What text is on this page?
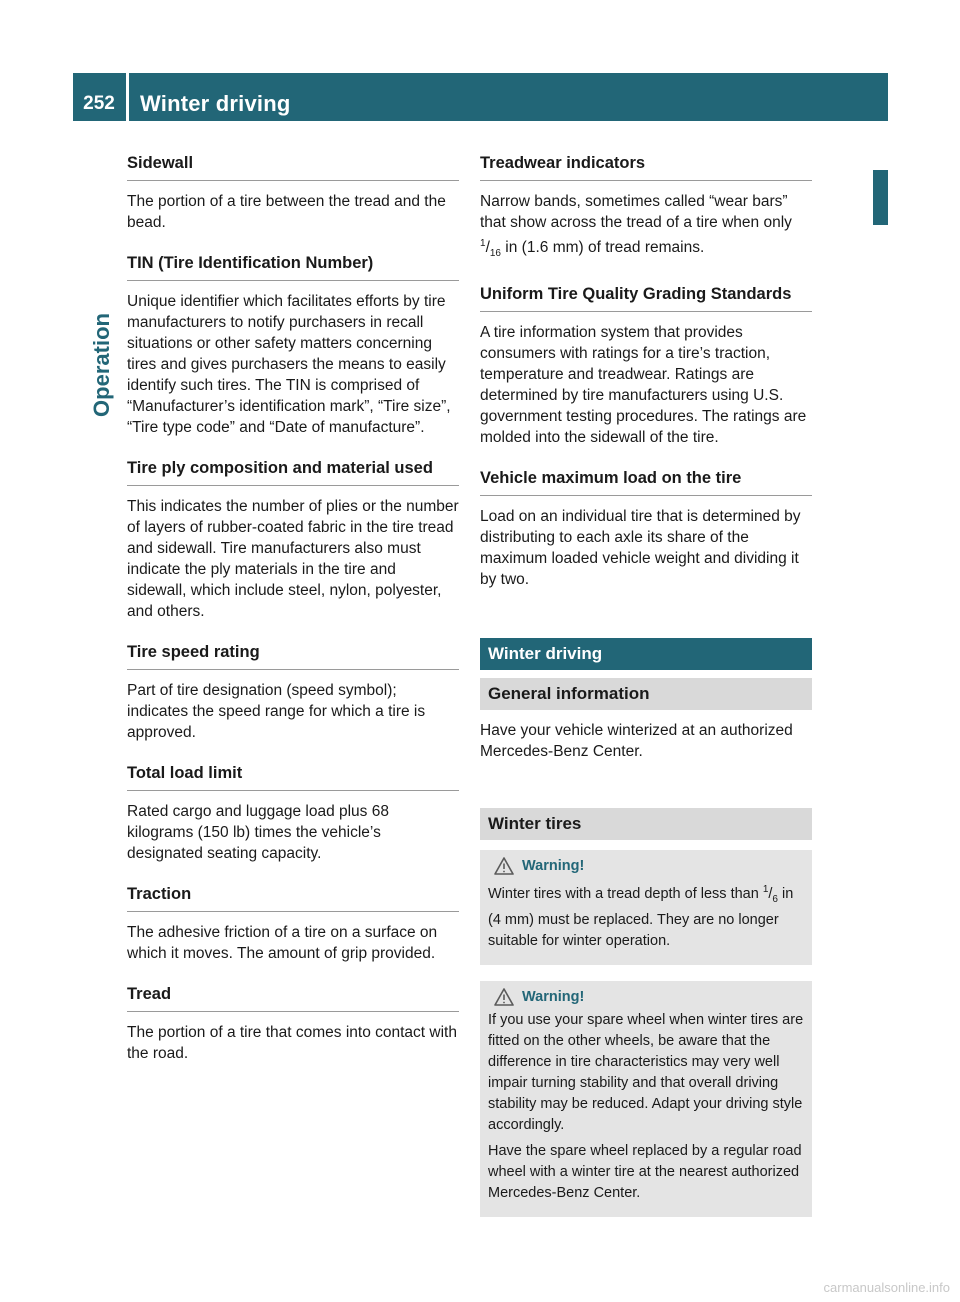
252	Winter driving
Operation
Sidewall
The portion of a tire between the tread and the bead.
TIN (Tire Identification Number)
Unique identifier which facilitates efforts by tire manufacturers to notify purchasers in recall situations or other safety matters concerning tires and gives purchasers the means to easily identify such tires. The TIN is comprised of “Manufacturer’s identification mark”, “Tire size”, “Tire type code” and “Date of manufacture”.
Tire ply composition and material used
This indicates the number of plies or the number of layers of rubber-coated fabric in the tire tread and sidewall. Tire manufacturers also must indicate the ply materials in the tire and sidewall, which include steel, nylon, polyester, and others.
Tire speed rating
Part of tire designation (speed symbol); indicates the speed range for which a tire is approved.
Total load limit
Rated cargo and luggage load plus 68 kilograms (150 lb) times the vehicle’s designated seating capacity.
Traction
The adhesive friction of a tire on a surface on which it moves. The amount of grip provided.
Tread
The portion of a tire that comes into contact with the road.
Treadwear indicators
Narrow bands, sometimes called “wear bars” that show across the tread of a tire when only $^1/_{16}$ in (1.6 mm) of tread remains.
Uniform Tire Quality Grading Standards
A tire information system that provides consumers with ratings for a tire’s traction, temperature and treadwear. Ratings are determined by tire manufacturers using U.S. government testing procedures. The ratings are molded into the sidewall of the tire.
Vehicle maximum load on the tire
Load on an individual tire that is determined by distributing to each axle its share of the maximum loaded vehicle weight and dividing it by two.
Winter driving
General information
Have your vehicle winterized at an authorized Mercedes-Benz Center.
Winter tires
Warning!

Winter tires with a tread depth of less than $^1/_6$ in (4 mm) must be replaced. They are no longer suitable for winter operation.

Warning!

If you use your spare wheel when winter tires are fitted on the other wheels, be aware that the difference in tire characteristics may very well impair turning stability and that overall driving stability may be reduced. Adapt your driving style accordingly.

Have the spare wheel replaced by a regular road wheel with a winter tire at the nearest authorized Mercedes-Benz Center.

carmanualsonline.info
